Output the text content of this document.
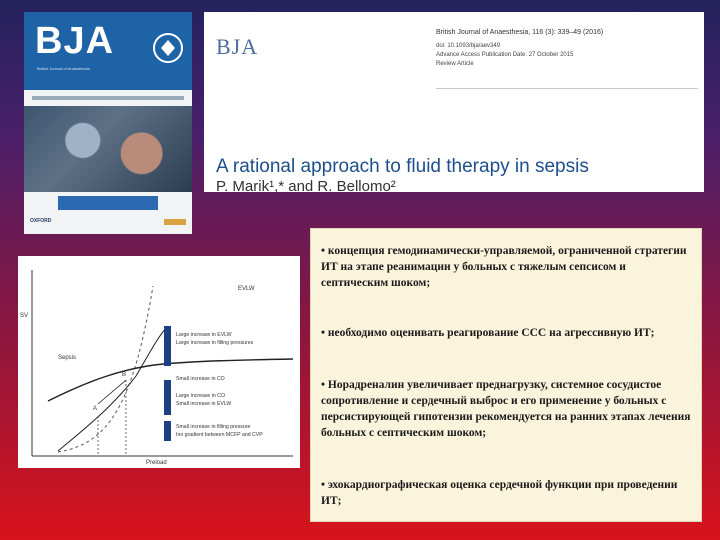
BJA
British Journal of Anaesthesia
OXFORD
BJA
British Journal of Anaesthesia, 116 (3): 339–49 (2016)
doi: 10.1093/bja/aev349
Advance Access Publication Date: 27 October 2015
Review Article
A rational approach to fluid therapy in sepsis
P. Marik¹,* and R. Bellomo²
SV
Preload
EVLW
Sepsis
A
B
Large increase in EVLW
Large increase in filling pressures
Small increase in CO
Large increase in CO
Small increase in EVLW
Small increase in filling pressure
Ino gradient between MCFP and CVP
• концепция гемодинамически-управляемой, ограниченной стратегии ИТ на этапе реанимации у больных с тяжелым сепсисом и септическим шоком;
• необходимо оценивать реагирование ССС на агрессивную ИТ;
• Норадреналин увеличивает преднагрузку, системное сосудистое сопротивление и сердечный выброс и его применение у больных с персистирующей гипотензии рекомендуется на ранних этапах лечения больных с септическим шоком;
• эхокардиографическая оценка сердечной функции при проведении ИТ;
